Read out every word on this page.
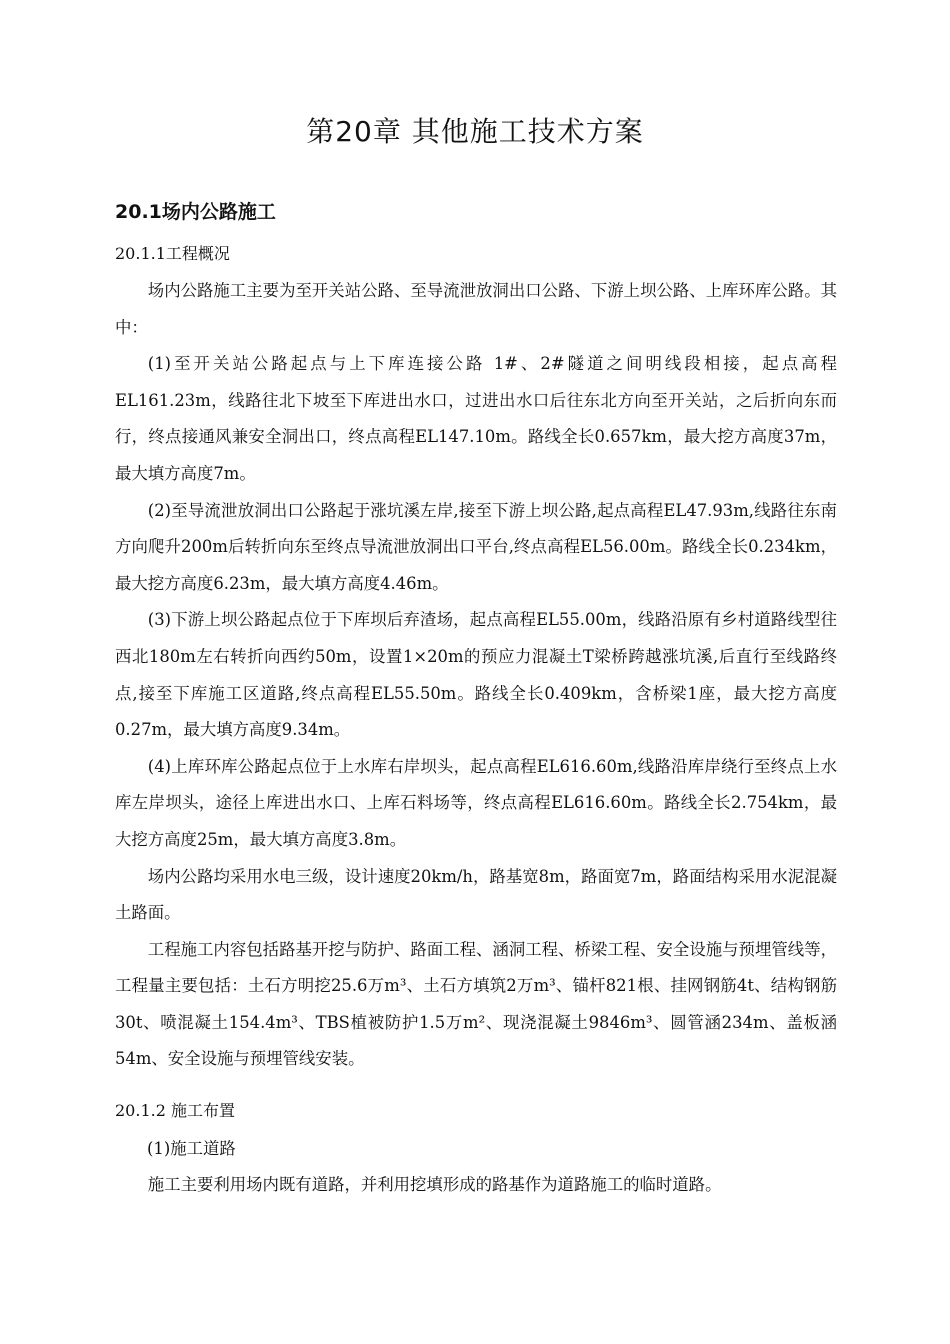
第20章 其他施工技术方案
20.1场内公路施工
20.1.1工程概况

场内公路施工主要为至开关站公路、至导流泄放洞出口公路、下游上坝公路、上库环库公路。其中：

(1)至开关站公路起点与上下库连接公路 1#、2#隧道之间明线段相接，起点高程EL161.23m，线路往北下坡至下库进出水口，过进出水口后往东北方向至开关站，之后折向东而行，终点接通风兼安全洞出口，终点高程EL147.10m。路线全长0.657km，最大挖方高度37m，最大填方高度7m。

(2)至导流泄放洞出口公路起于涨坑溪左岸,接至下游上坝公路,起点高程EL47.93m,线路往东南方向爬升200m后转折向东至终点导流泄放洞出口平台,终点高程EL56.00m。路线全长0.234km，最大挖方高度6.23m，最大填方高度4.46m。

(3)下游上坝公路起点位于下库坝后弃渣场，起点高程EL55.00m，线路沿原有乡村道路线型往西北180m左右转折向西约50m，设置1×20m的预应力混凝土T梁桥跨越涨坑溪,后直行至线路终点,接至下库施工区道路,终点高程EL55.50m。路线全长0.409km，含桥梁1座，最大挖方高度0.27m，最大填方高度9.34m。

(4)上库环库公路起点位于上水库右岸坝头，起点高程EL616.60m,线路沿库岸绕行至终点上水库左岸坝头，途径上库进出水口、上库石料场等，终点高程EL616.60m。路线全长2.754km，最大挖方高度25m，最大填方高度3.8m。

场内公路均采用水电三级，设计速度20km/h，路基宽8m，路面宽7m，路面结构采用水泥混凝土路面。

工程施工内容包括路基开挖与防护、路面工程、涵洞工程、桥梁工程、安全设施与预埋管线等，工程量主要包括：土石方明挖25.6万m³、土石方填筑2万m³、锚杆821根、挂网钢筋4t、结构钢筋30t、喷混凝土154.4m³、TBS植被防护1.5万m²、现浇混凝土9846m³、圆管涵234m、盖板涵54m、安全设施与预埋管线安装。

20.1.2 施工布置
(1)施工道路

施工主要利用场内既有道路，并利用挖填形成的路基作为道路施工的临时道路。
